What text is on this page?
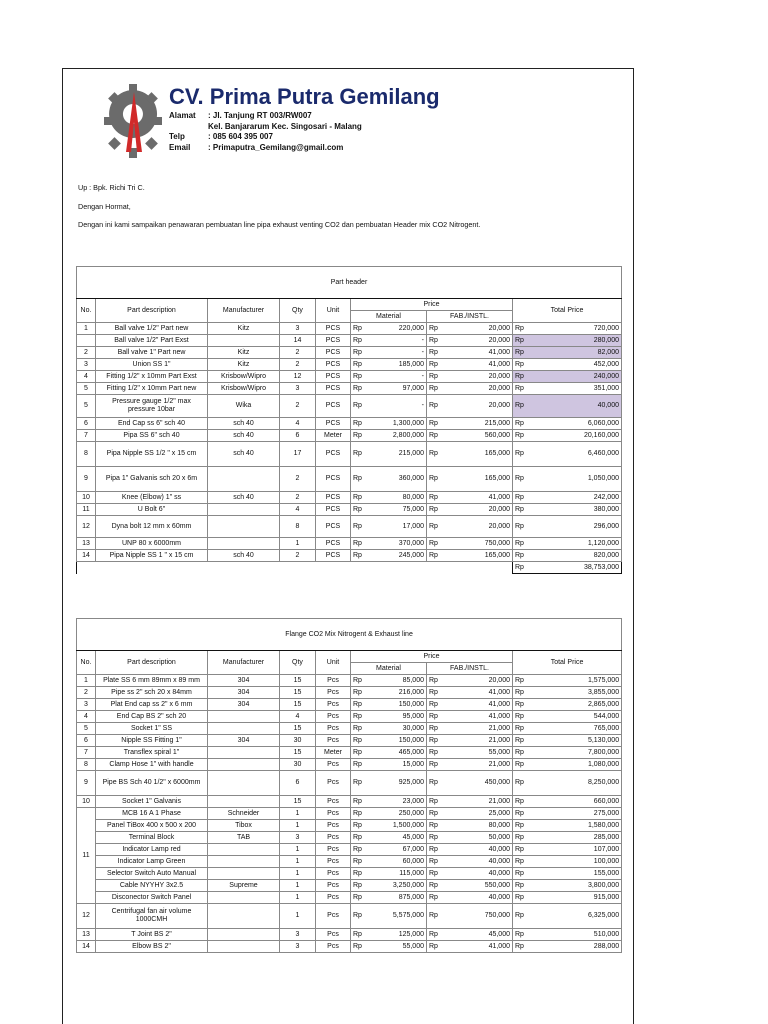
CV. Prima Putra Gemilang
Alamat	: Jl. Tanjung RT 003/RW007
Kel. Banjararum Kec. Singosari - Malang
Telp	: 085 604 395 007
Email	: Primaputra_Gemilang@gmail.com
Up : Bpk. Richi Tri C.
Dengan Hormat,
Dengan ini kami sampaikan penawaran pembuatan line pipa exhaust venting CO2 dan pembuatan Header mix CO2 Nitrogent.
Part header										
No.	Part description	Manufacturer	Qty	Unit	Price				Total Price	
					Material		FAB./INSTL.			
1	Ball valve 1/2" Part new	Kitz	3	PCS	Rp	220,000	Rp	20,000	Rp	720,000
	Ball valve 1/2" Part Exst		14	PCS	Rp	-	Rp	20,000	Rp	280,000
2	Ball valve 1" Part new	Kitz	2	PCS	Rp	-	Rp	41,000	Rp	82,000
3	Union SS 1"	Kitz	2	PCS	Rp	185,000	Rp	41,000	Rp	452,000
4	Fitting 1/2" x 10mm Part Exst	Krisbow/Wipro	12	PCS	Rp	-	Rp	20,000	Rp	240,000
5	Fitting 1/2" x 10mm Part new	Krisbow/Wipro	3	PCS	Rp	97,000	Rp	20,000	Rp	351,000
5	Pressure gauge 1/2" max pressure 10bar	Wika	2	PCS	Rp	-	Rp	20,000	Rp	40,000
6	End Cap ss 6" sch 40	sch 40	4	PCS	Rp	1,300,000	Rp	215,000	Rp	6,060,000
7	Pipa SS 6" sch 40	sch 40	6	Meter	Rp	2,800,000	Rp	560,000	Rp	20,160,000
8	Pipa Nipple SS 1/2 " x 15 cm	sch 40	17	PCS	Rp	215,000	Rp	165,000	Rp	6,460,000
9	Pipa 1" Galvanis sch 20 x 6m		2	PCS	Rp	360,000	Rp	165,000	Rp	1,050,000
10	Knee (Elbow) 1" ss	sch 40	2	PCS	Rp	80,000	Rp	41,000	Rp	242,000
11	U Bolt 6"		4	PCS	Rp	75,000	Rp	20,000	Rp	380,000
12	Dyna bolt 12 mm x 60mm		8	PCS	Rp	17,000	Rp	20,000	Rp	296,000
13	UNP 80 x 6000mm		1	PCS	Rp	370,000	Rp	750,000	Rp	1,120,000
14	Pipa Nipple SS 1 " x 15 cm	sch 40	2	PCS	Rp	245,000	Rp	165,000	Rp	820,000
									Rp	38,753,000
Flange CO2 Mix Nitrogent & Exhaust line										
No.	Part description	Manufacturer	Qty	Unit	Price				Total Price	
					Material		FAB./INSTL.			
1	Plate SS 6 mm 89mm x 89 mm	304	15	Pcs	Rp	85,000	Rp	20,000	Rp	1,575,000
2	Pipe ss 2" sch 20 x 84mm	304	15	Pcs	Rp	216,000	Rp	41,000	Rp	3,855,000
3	Plat End cap ss 2" x 6 mm	304	15	Pcs	Rp	150,000	Rp	41,000	Rp	2,865,000
4	End Cap BS 2" sch 20		4	Pcs	Rp	95,000	Rp	41,000	Rp	544,000
5	Socket 1" SS		15	Pcs	Rp	30,000	Rp	21,000	Rp	765,000
6	Nipple SS Fitting 1"	304	30	Pcs	Rp	150,000	Rp	21,000	Rp	5,130,000
7	Transflex spiral 1"		15	Meter	Rp	465,000	Rp	55,000	Rp	7,800,000
8	Clamp Hose 1" with handle		30	Pcs	Rp	15,000	Rp	21,000	Rp	1,080,000
9	Pipe BS Sch 40 1/2" x 6000mm		6	Pcs	Rp	925,000	Rp	450,000	Rp	8,250,000
10	Socket 1" Galvanis		15	Pcs	Rp	23,000	Rp	21,000	Rp	660,000
11	MCB 16 A 1 Phase	Schneider	1	Pcs	Rp	250,000	Rp	25,000	Rp	275,000
	Panel TiBox 400 x 500 x 200	Tibox	1	Pcs	Rp	1,500,000	Rp	80,000	Rp	1,580,000
	Terminal Block	TAB	3	Pcs	Rp	45,000	Rp	50,000	Rp	285,000
	Indicator Lamp red		1	Pcs	Rp	67,000	Rp	40,000	Rp	107,000
	Indicator Lamp Green		1	Pcs	Rp	60,000	Rp	40,000	Rp	100,000
	Selector Switch Auto Manual		1	Pcs	Rp	115,000	Rp	40,000	Rp	155,000
	Cable NYYHY 3x2.5	Supreme	1	Pcs	Rp	3,250,000	Rp	550,000	Rp	3,800,000
	Disconector Switch Panel		1	Pcs	Rp	875,000	Rp	40,000	Rp	915,000
12	Centrifugal fan air volume 1000CMH		1	Pcs	Rp	5,575,000	Rp	750,000	Rp	6,325,000
13	T Joint BS 2"		3	Pcs	Rp	125,000	Rp	45,000	Rp	510,000
14	Elbow BS 2"		3	Pcs	Rp	55,000	Rp	41,000	Rp	288,000
